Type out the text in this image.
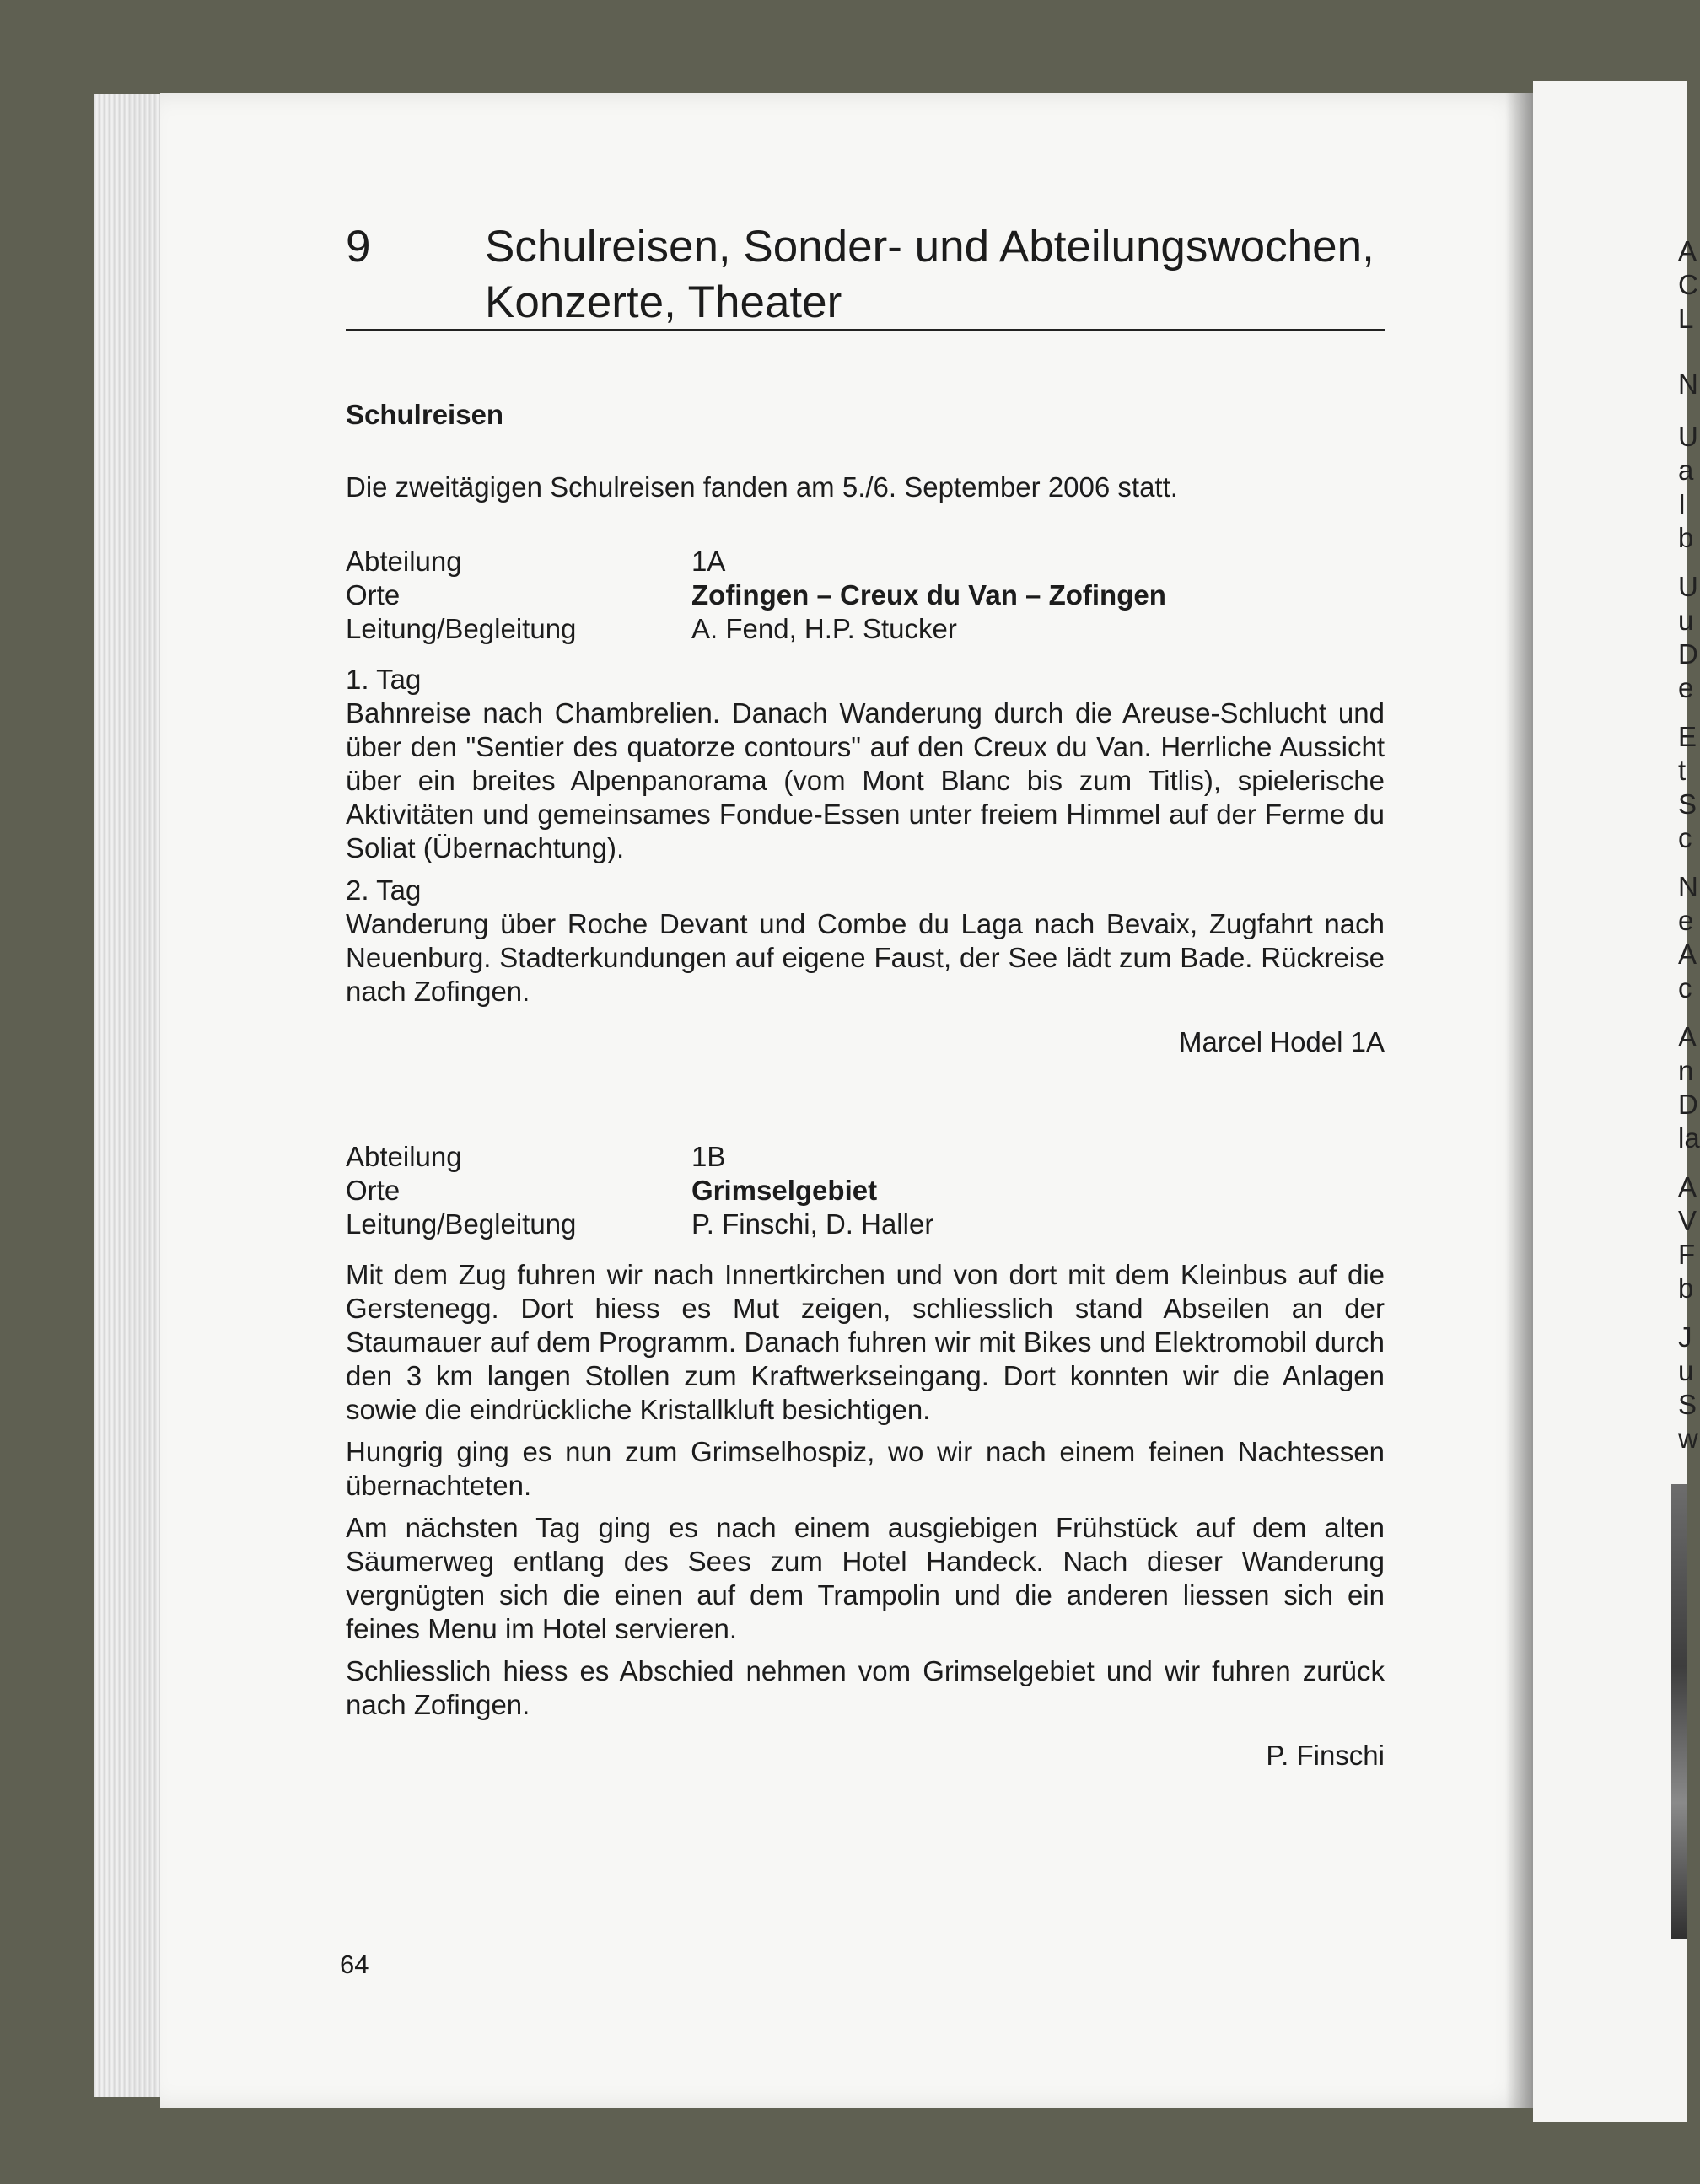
A
C
L
N
U
a
I
b
U
u
D
e
E
t
S
c
N
e
A
c
A
n
D
la
A
V
F
b
J
u
S
w
9	Schulreisen, Sonder- und Abteilungswochen,
Konzerte, Theater
Schulreisen

Die zweitägigen Schulreisen fanden am 5./6. September 2006 statt.

Abteilung	1A
Orte	Zofingen – Creux du Van – Zofingen
Leitung/Begleitung	A. Fend, H.P. Stucker
1. Tag

Bahnreise nach Chambrelien. Danach Wanderung durch die Areuse-Schlucht und über den "Sentier des quatorze contours" auf den Creux du Van. Herrliche Aussicht über ein breites Alpenpanorama (vom Mont Blanc bis zum Titlis), spielerische Aktivitäten und gemeinsames Fondue-Essen unter freiem Himmel auf der Ferme du Soliat (Übernachtung).

2. Tag

Wanderung über Roche Devant und Combe du Laga nach Bevaix, Zugfahrt nach Neuenburg. Stadterkundungen auf eigene Faust, der See lädt zum Bade. Rückreise nach Zofingen.

Marcel Hodel 1A
Abteilung	1B
Orte	Grimselgebiet
Leitung/Begleitung	P. Finschi, D. Haller

Mit dem Zug fuhren wir nach Innertkirchen und von dort mit dem Kleinbus auf die Gerstenegg. Dort hiess es Mut zeigen, schliesslich stand Abseilen an der Staumauer auf dem Programm. Danach fuhren wir mit Bikes und Elektromobil durch den 3 km langen Stollen zum Kraftwerkseingang. Dort konnten wir die Anlagen sowie die eindrückliche Kristallkluft besichtigen.

Hungrig ging es nun zum Grimselhospiz, wo wir nach einem feinen Nachtessen übernachteten.

Am nächsten Tag ging es nach einem ausgiebigen Frühstück auf dem alten Säumerweg entlang des Sees zum Hotel Handeck. Nach dieser Wanderung vergnügten sich die einen auf dem Trampolin und die anderen liessen sich ein feines Menu im Hotel servieren.

Schliesslich hiess es Abschied nehmen vom Grimselgebiet und wir fuhren zurück nach Zofingen.

P. Finschi
64
